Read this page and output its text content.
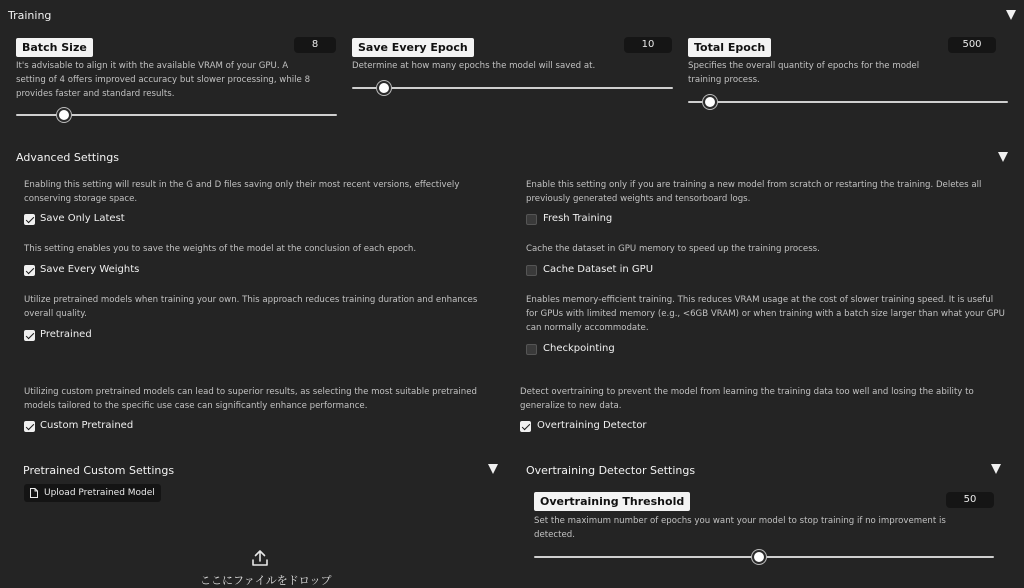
Training
Batch Size	8
It's advisable to align it with the available VRAM of your GPU. A setting of 4 offers improved accuracy but slower processing, while 8 provides faster and standard results.
Save Every Epoch	10
Determine at how many epochs the model will saved at.
Total Epoch	500
Specifies the overall quantity of epochs for the model training process.
Advanced Settings
Enabling this setting will result in the G and D files saving only their most recent versions, effectively conserving storage space.
Save Only Latest
This setting enables you to save the weights of the model at the conclusion of each epoch.
Save Every Weights
Utilize pretrained models when training your own. This approach reduces training duration and enhances overall quality.
Pretrained
Utilizing custom pretrained models can lead to superior results, as selecting the most suitable pretrained models tailored to the specific use case can significantly enhance performance.
Custom Pretrained
Enable this setting only if you are training a new model from scratch or restarting the training. Deletes all previously generated weights and tensorboard logs.
Fresh Training
Cache the dataset in GPU memory to speed up the training process.
Cache Dataset in GPU
Enables memory-efficient training. This reduces VRAM usage at the cost of slower training speed. It is useful for GPUs with limited memory (e.g., <6GB VRAM) or when training with a batch size larger than what your GPU can normally accommodate.
Checkpointing
Detect overtraining to prevent the model from learning the training data too well and losing the ability to generalize to new data.
Overtraining Detector
Pretrained Custom Settings
Upload Pretrained Model
ここにファイルをドロップ
Overtraining Detector Settings
Overtraining Threshold	50
Set the maximum number of epochs you want your model to stop training if no improvement is detected.
